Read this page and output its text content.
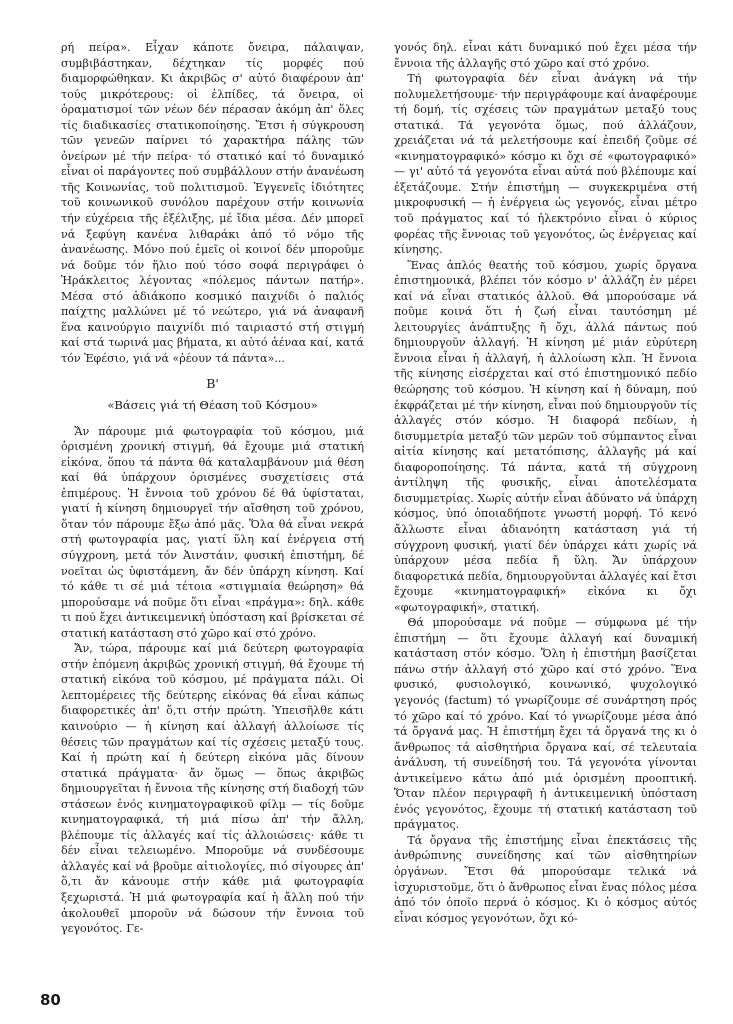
ρή πείρα». Εἶχαν κάποτε ὄνειρα, πάλαιψαν, συμβιβάστηκαν, δέχτηκαν τίς μορφές πού διαμορφώθηκαν. Κι ἀκριβῶς σ' αὐτό διαφέρουν ἀπ' τούς μικρότερους: οἱ ἐλπίδες, τά ὄνειρα, οἱ ὁραματισμοί τῶν νέων δέν πέρασαν ἀκόμη ἀπ' ὅλες τίς διαδικασίες στατικοποίησης. Ἔτσι ἡ σύγκρουση τῶν γενεῶν παίρνει τό χαρακτήρα πάλης τῶν ὀνείρων μέ τήν πείρα· τό στατικό καί τό δυναμικό εἶναι οἱ παράγοντες πού συμβάλλουν στήν ἀνανέωση τῆς Κοινωνίας, τοῦ πολιτισμοῦ. Ἐγγενεῖς ἰδιότητες τοῦ κοινωνικοῦ συνόλου παρέχουν στήν κοινωνία τήν εὐχέρεια τῆς ἐξέλιξης, μέ ἴδια μέσα. Δέν μπορεῖ νά ξεφύγη κανένα λιθαράκι ἀπό τό νόμο τῆς ἀνανέωσης. Μόνο πού ἐμεῖς οἱ κοινοί δέν μποροῦμε νά δοῦμε τόν ἥλιο πού τόσο σοφά περιγράφει ὁ Ἡράκλειτος λέγοντας «πόλεμος πάντων πατήρ». Μέσα στό ἀδιάκοπο κοσμικό παιχνίδι ὁ παλιός παίχτης μαλλώνει μέ τό νεώτερο, γιά νά ἀναφανῆ ἕνα καινούργιο παιχνίδι πιό ταιριαστό στή στιγμή καί στά τωρινά μας βήματα, κι αὐτό ἀέναα καί, κατά τόν Ἐφέσιο, γιά νά «ῥέουν τά πάντα»...

Β'
«Βάσεις γιά τή Θέαση τοῦ Κόσμου»

Ἄν πάρουμε μιά φωτογραφία τοῦ κόσμου, μιά ὁρισμένη χρονική στιγμή, θά ἔχουμε μιά στατική εἰκόνα, ὅπου τά πάντα θά καταλαμβάνουν μιά θέση καί θά ὑπάρχουν ὁρισμένες συσχετίσεις στά ἐπιμέρους. Ἡ ἔννοια τοῦ χρόνου δέ θά ὑφίσταται, γιατί ἡ κίνηση δημιουργεῖ τήν αἴσθηση τοῦ χρόνου, ὅταν τόν πάρουμε ἔξω ἀπό μᾶς. Ὅλα θά εἶναι νεκρά στή φωτογραφία μας, γιατί ὕλη καί ἐνέργεια στή σύγχρονη, μετά τόν Ἀινστάιν, φυσική ἐπιστήμη, δέ νοεῖται ὡς ὑφιστάμενη, ἄν δέν ὑπάρχη κίνηση. Καί τό κάθε τι σέ μιά τέτοια «στιγμιαία θεώρηση» θά μπορούσαμε νά ποῦμε ὅτι εἶναι «πράγμα»: δηλ. κάθε τι πού ἔχει ἀντικειμενική ὑπόσταση καί βρίσκεται σέ στατική κατάσταση στό χῶρο καί στό χρόνο.

Ἄν, τώρα, πάρουμε καί μιά δεύτερη φωτογραφία στήν ἑπόμενη ἀκριβῶς χρονική στιγμή, θά ἔχουμε τή στατική εἰκόνα τοῦ κόσμου, μέ πράγματα πάλι. Οἱ λεπτομέρειες τῆς δεύτερης εἰκόνας θά εἶναι κάπως διαφορετικές ἀπ' ὅ,τι στήν πρώτη. Ὑπεισῆλθε κάτι καινούριο — ἡ κίνηση καί ἀλλαγή ἀλλοίωσε τίς θέσεις τῶν πραγμάτων καί τίς σχέσεις μεταξύ τους. Καί ἡ πρώτη καί ἡ δεύτερη εἰκόνα μᾶς δίνουν στατικά πράγματα· ἄν ὅμως — ὅπως ἀκριβῶς δημιουργεῖται ἡ ἔννοια τῆς κίνησης στή διαδοχή τῶν στάσεων ἑνός κινηματογραφικοῦ φίλμ — τίς δοῦμε κινηματογραφικά, τή μιά πίσω ἀπ' τήν ἄλλη, βλέπουμε τίς ἀλλαγές καί τίς ἀλλοιώσεις· κάθε τι δέν εἶναι τελειωμένο. Μποροῦμε νά συνδέσουμε ἀλλαγές καί νά βροῦμε αἰτιολογίες, πιό σίγουρες ἀπ' ὅ,τι ἄν κάνουμε στήν κάθε μιά φωτογραφία ξεχωριστά. Ἡ μιά φωτογραφία καί ἡ ἄλλη πού τήν ἀκολουθεῖ μποροῦν νά δώσουν τήν ἔννοια τοῦ γεγονότος. Γε-

γονός δηλ. εἶναι κάτι δυναμικό πού ἔχει μέσα τήν ἔννοια τῆς ἀλλαγῆς στό χῶρο καί στό χρόνο.

Τή φωτογραφία δέν εἶναι ἀνάγκη νά τήν πολυμελετήσουμε· τήν περιγράφουμε καί ἀναφέρουμε τή δομή, τίς σχέσεις τῶν πραγμάτων μεταξύ τους στατικά. Τά γεγονότα ὅμως, πού ἀλλάζουν, χρειάζεται νά τά μελετήσουμε καί ἐπειδή ζοῦμε σέ «κινηματογραφικό» κόσμο κι ὄχι σέ «φωτογραφικό» — γι' αὐτό τά γεγονότα εἶναι αὐτά πού βλέπουμε καί ἐξετάζουμε. Στήν ἐπιστήμη — συγκεκριμένα στή μικροφυσική — ἡ ἐνέργεια ὡς γεγονός, εἶναι μέτρο τοῦ πράγματος καί τό ἠλεκτρόνιο εἶναι ὁ κύριος φορέας τῆς ἔννοιας τοῦ γεγονότος, ὡς ἐνέργειας καί κίνησης.

Ἕνας ἁπλός θεατής τοῦ κόσμου, χωρίς ὄργανα ἐπιστημονικά, βλέπει τόν κόσμο ν' ἀλλάζη ἐν μέρει καί νά εἶναι στατικός ἀλλοῦ. Θά μπορούσαμε νά ποῦμε κοινά ὅτι ἡ ζωή εἶναι ταυτόσημη μέ λειτουργίες ἀνάπτυξης ἤ ὄχι, ἀλλά πάντως πού δημιουργοῦν ἀλλαγή. Ἡ κίνηση μέ μιάν εὐρύτερη ἔννοια εἶναι ἡ ἀλλαγή, ἡ ἀλλοίωση κλπ. Ἡ ἔννοια τῆς κίνησης εἰσέρχεται καί στό ἐπιστημονικό πεδίο θεώρησης τοῦ κόσμου. Ἡ κίνηση καί ἡ δύναμη, πού ἐκφράζεται μέ τήν κίνηση, εἶναι πού δημιουργοῦν τίς ἀλλαγές στόν κόσμο. Ἡ διαφορά πεδίων, ἡ δισυμμετρία μεταξύ τῶν μερῶν τοῦ σύμπαντος εἶναι αἰτία κίνησης καί μετατόπισης, ἀλλαγῆς μά καί διαφοροποίησης. Τά πάντα, κατά τή σύγχρονη ἀντίληψη τῆς φυσικῆς, εἶναι ἀποτελέσματα δισυμμετρίας. Χωρίς αὐτήν εἶναι ἀδύνατο νά ὑπάρχη κόσμος, ὑπό ὁποιαδήποτε γνωστή μορφή. Τό κενό ἄλλωστε εἶναι ἀδιανόητη κατάσταση γιά τή σύγχρονη φυσική, γιατί δέν ὑπάρχει κάτι χωρίς νά ὑπάρχουν μέσα πεδία ἤ ὕλη. Ἄν ὑπάρχουν διαφορετικά πεδία, δημιουργοῦνται ἀλλαγές καί ἔτσι ἔχουμε «κινηματογραφική» εἰκόνα κι ὄχι «φωτογραφική», στατική.

Θά μπορούσαμε νά ποῦμε — σύμφωνα μέ τήν ἐπιστήμη — ὅτι ἔχουμε ἀλλαγή καί δυναμική κατάσταση στόν κόσμο. Ὅλη ἡ ἐπιστήμη βασίζεται πάνω στήν ἀλλαγή στό χῶρο καί στό χρόνο. Ἕνα φυσικό, φυσιολογικό, κοινωνικό, ψυχολογικό γεγονός (factum) τό γνωρίζουμε σέ συνάρτηση πρός τό χῶρο καί τό χρόνο. Καί τό γνωρίζουμε μέσα ἀπό τά ὄργανά μας. Ἡ ἐπιστήμη ἔχει τά ὄργανά της κι ὁ ἄνθρωπος τά αἰσθητήρια ὄργανα καί, σέ τελευταία ἀνάλυση, τή συνείδησή του. Τά γεγονότα γίνονται ἀντικείμενο κάτω ἀπό μιά ὁρισμένη προοπτική. Ὅταν πλέον περιγραφῆ ἡ ἀντικειμενική ὑπόσταση ἑνός γεγονότος, ἔχουμε τή στατική κατάσταση τοῦ πράγματος.

Τά ὄργανα τῆς ἐπιστήμης εἶναι ἐπεκτάσεις τῆς ἀνθρώπινης συνείδησης καί τῶν αἰσθητηρίων ὀργάνων. Ἔτσι θά μπορούσαμε τελικά νά ἰσχυριστοῦμε, ὅτι ὁ ἄνθρωπος εἶναι ἕνας πόλος μέσα ἀπό τόν ὁποῖο περνά ὁ κόσμος. Κι ὁ κόσμος αὐτός εἶναι κόσμος γεγονότων, ὄχι κό-

80
